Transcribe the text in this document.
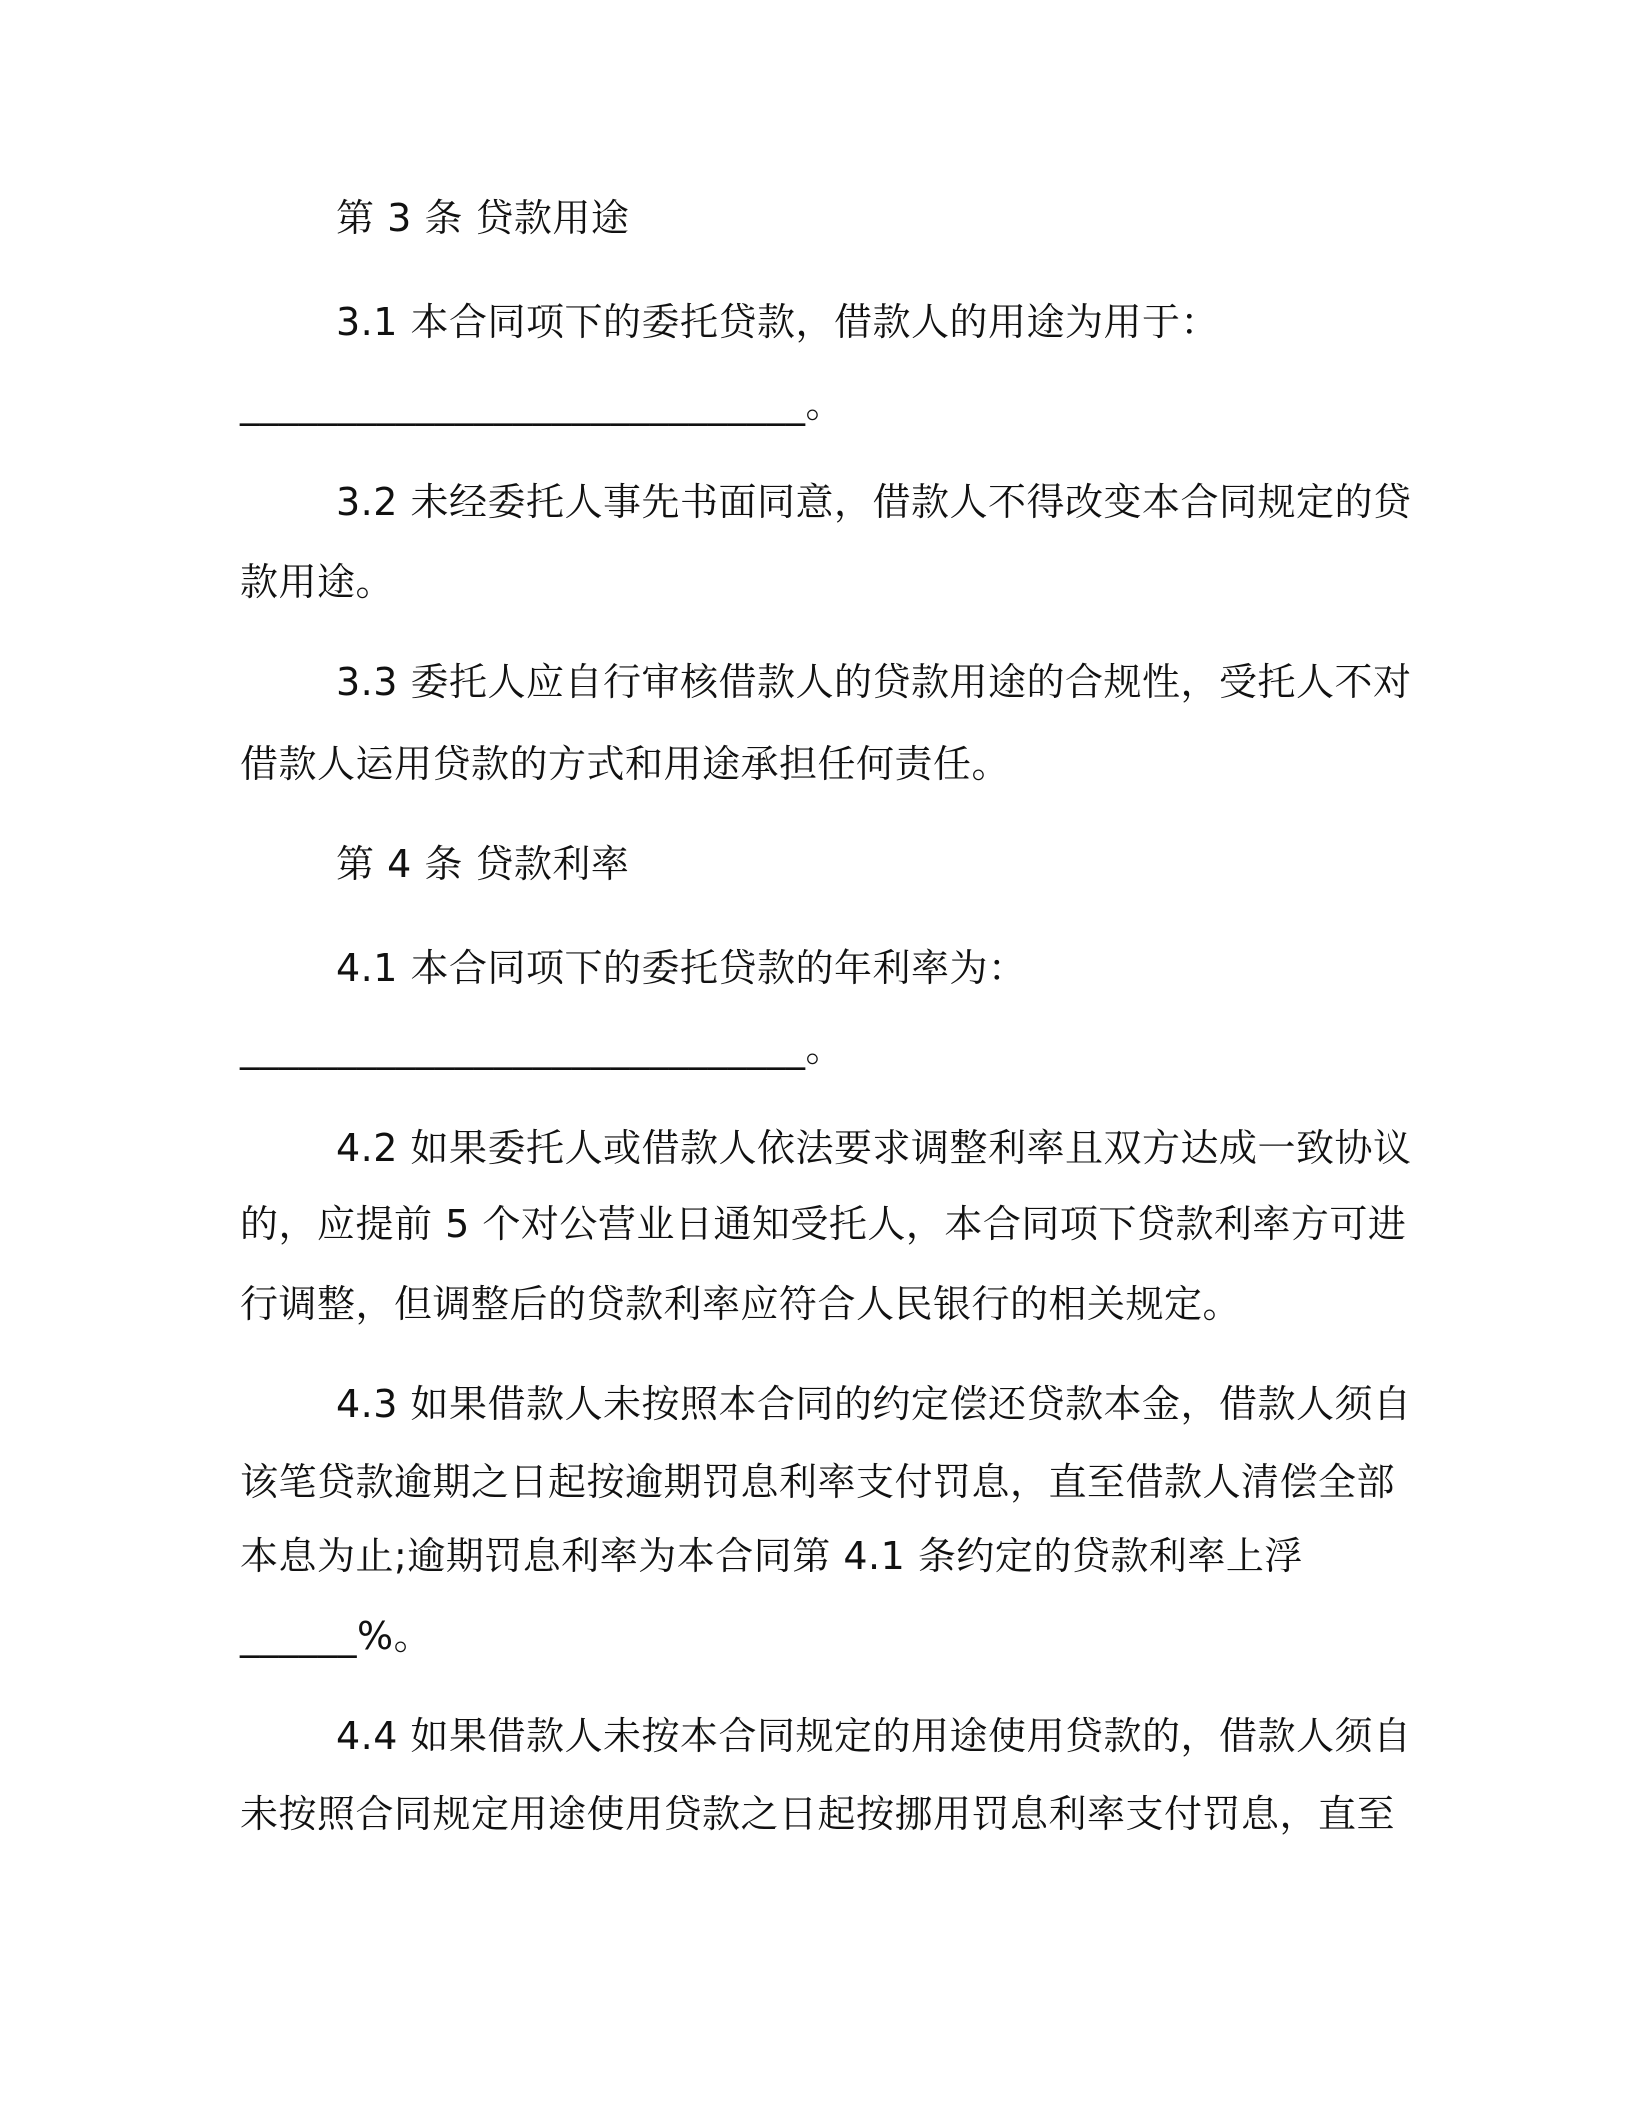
第 3 条 贷款用途
3.1 本合同项下的委托贷款，借款人的用途为用于：
_____________________________。
3.2 未经委托人事先书面同意，借款人不得改变本合同规定的贷
款用途。
3.3 委托人应自行审核借款人的贷款用途的合规性，受托人不对
借款人运用贷款的方式和用途承担任何责任。
第 4 条 贷款利率
4.1 本合同项下的委托贷款的年利率为：
_____________________________。
4.2 如果委托人或借款人依法要求调整利率且双方达成一致协议
的，应提前 5 个对公营业日通知受托人，本合同项下贷款利率方可进
行调整，但调整后的贷款利率应符合人民银行的相关规定。
4.3 如果借款人未按照本合同的约定偿还贷款本金，借款人须自
该笔贷款逾期之日起按逾期罚息利率支付罚息，直至借款人清偿全部
本息为止;逾期罚息利率为本合同第 4.1 条约定的贷款利率上浮
______%。
4.4 如果借款人未按本合同规定的用途使用贷款的，借款人须自
未按照合同规定用途使用贷款之日起按挪用罚息利率支付罚息，直至
